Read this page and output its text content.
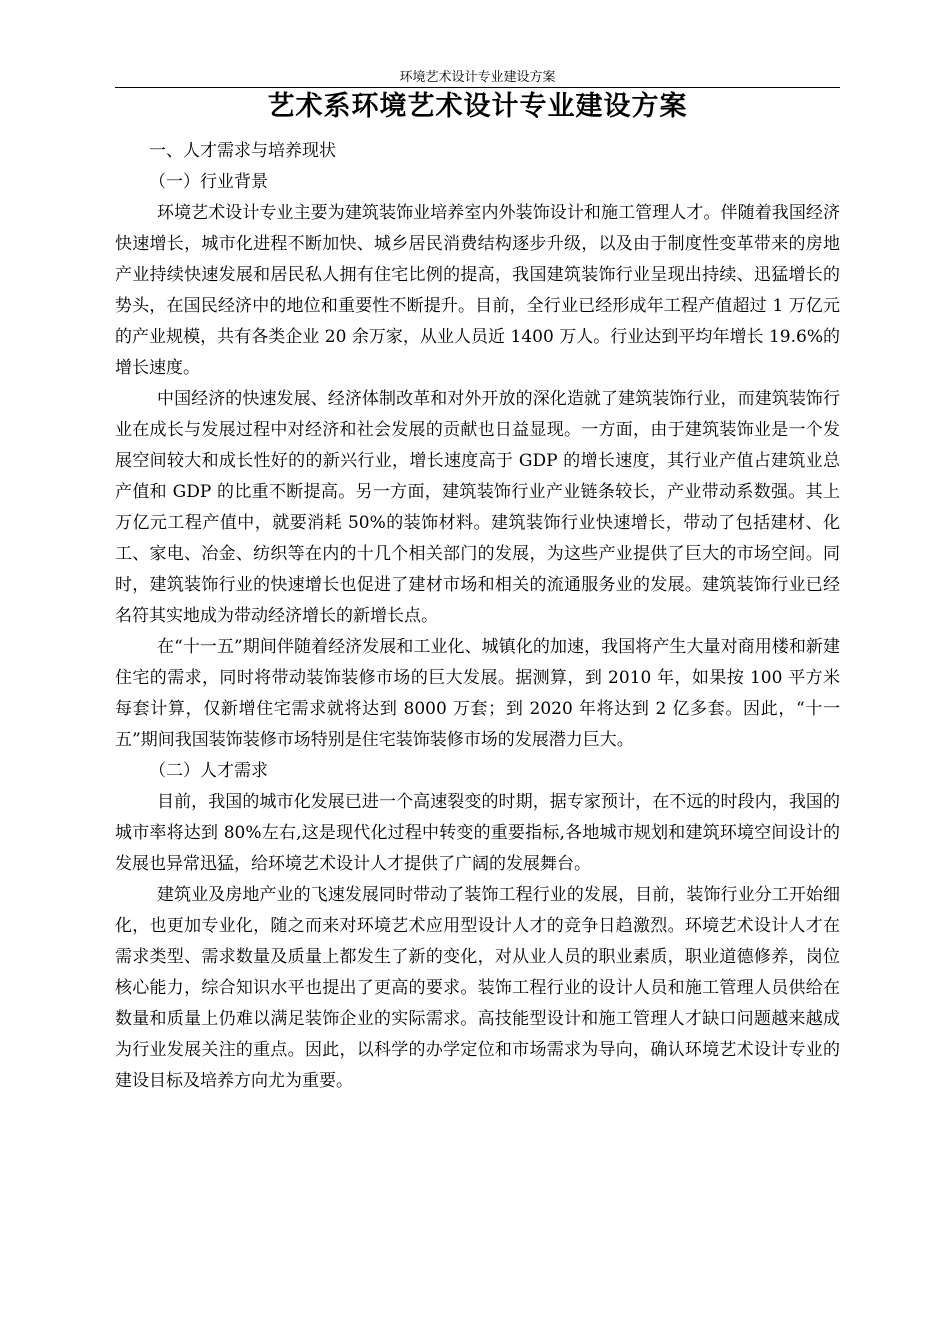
环境艺术设计专业建设方案
艺术系环境艺术设计专业建设方案

一、人才需求与培养现状

（一）行业背景

环境艺术设计专业主要为建筑装饰业培养室内外装饰设计和施工管理人才。伴随着我国经济快速增长，城市化进程不断加快、城乡居民消费结构逐步升级，以及由于制度性变革带来的房地产业持续快速发展和居民私人拥有住宅比例的提高，我国建筑装饰行业呈现出持续、迅猛增长的势头，在国民经济中的地位和重要性不断提升。目前，全行业已经形成年工程产值超过 1 万亿元的产业规模，共有各类企业 20 余万家，从业人员近 1400 万人。行业达到平均年增长 19.6%的增长速度。

中国经济的快速发展、经济体制改革和对外开放的深化造就了建筑装饰行业，而建筑装饰行业在成长与发展过程中对经济和社会发展的贡献也日益显现。一方面，由于建筑装饰业是一个发展空间较大和成长性好的的新兴行业，增长速度高于 GDP 的增长速度，其行业产值占建筑业总产值和 GDP 的比重不断提高。另一方面，建筑装饰行业产业链条较长，产业带动系数强。其上万亿元工程产值中，就要消耗 50%的装饰材料。建筑装饰行业快速增长，带动了包括建材、化工、家电、冶金、纺织等在内的十几个相关部门的发展，为这些产业提供了巨大的市场空间。同时，建筑装饰行业的快速增长也促进了建材市场和相关的流通服务业的发展。建筑装饰行业已经名符其实地成为带动经济增长的新增长点。

在“十一五”期间伴随着经济发展和工业化、城镇化的加速，我国将产生大量对商用楼和新建住宅的需求，同时将带动装饰装修市场的巨大发展。据测算，到 2010 年，如果按 100 平方米每套计算，仅新增住宅需求就将达到 8000 万套；到 2020 年将达到 2 亿多套。因此，“十一五”期间我国装饰装修市场特别是住宅装饰装修市场的发展潜力巨大。

（二）人才需求

目前，我国的城市化发展已进一个高速裂变的时期，据专家预计，在不远的时段内，我国的城市率将达到 80%左右,这是现代化过程中转变的重要指标,各地城市规划和建筑环境空间设计的发展也异常迅猛，给环境艺术设计人才提供了广阔的发展舞台。

建筑业及房地产业的飞速发展同时带动了装饰工程行业的发展，目前，装饰行业分工开始细化，也更加专业化，随之而来对环境艺术应用型设计人才的竞争日趋激烈。环境艺术设计人才在需求类型、需求数量及质量上都发生了新的变化，对从业人员的职业素质，职业道德修养，岗位核心能力，综合知识水平也提出了更高的要求。装饰工程行业的设计人员和施工管理人员供给在数量和质量上仍难以满足装饰企业的实际需求。高技能型设计和施工管理人才缺口问题越来越成为行业发展关注的重点。因此，以科学的办学定位和市场需求为导向，确认环境艺术设计专业的建设目标及培养方向尤为重要。
